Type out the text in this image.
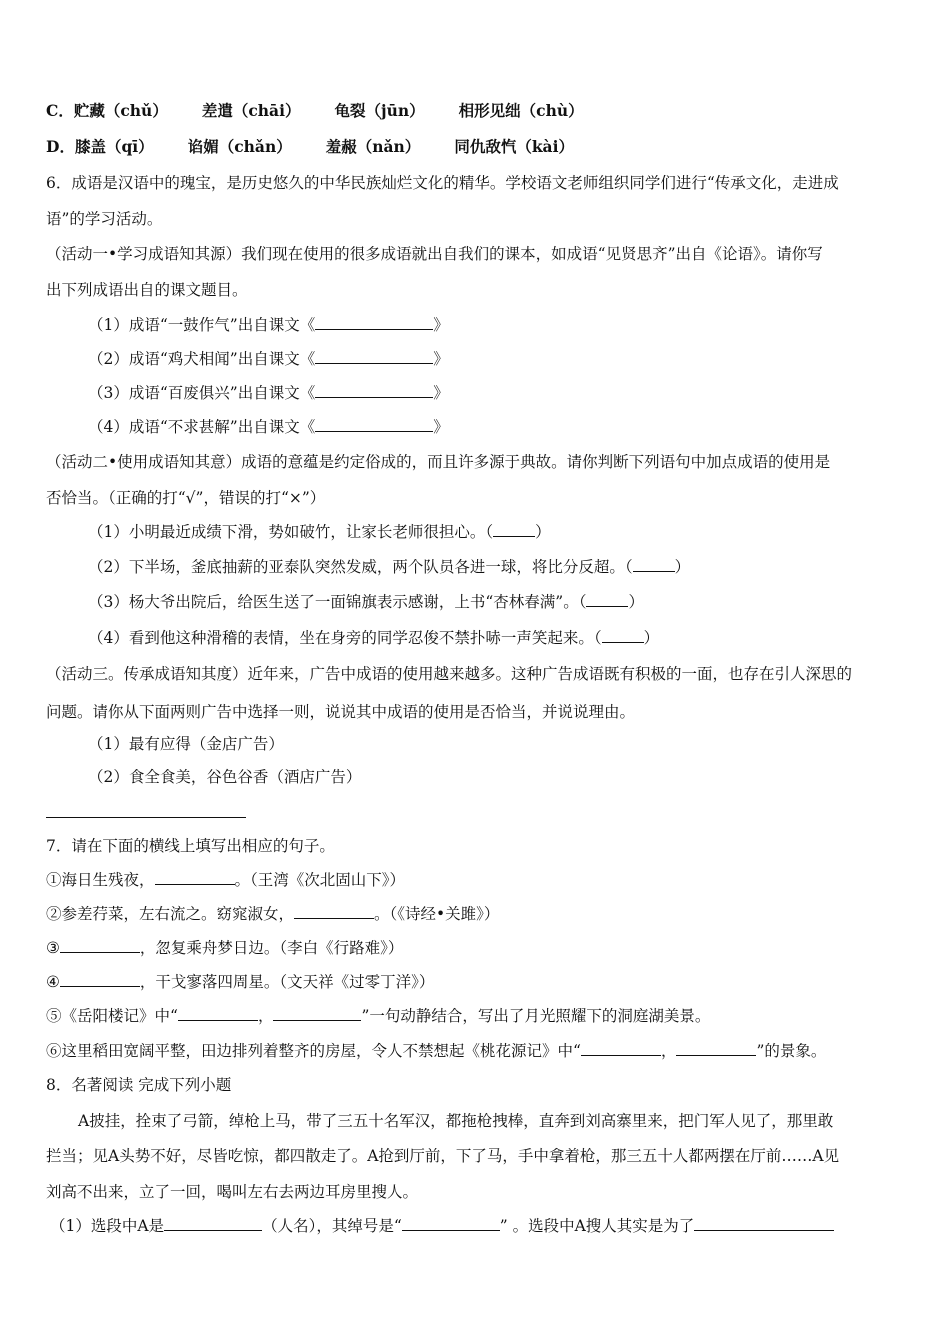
C．贮藏（chǔ） 差遣（chāi） 龟裂（jūn） 相形见绌（chù）
D．膝盖（qī） 谄媚（chǎn） 羞赧（nǎn） 同仇敌忾（kài）
6．成语是汉语中的瑰宝，是历史悠久的中华民族灿烂文化的精华。学校语文老师组织同学们进行“传承文化，走进成
语”的学习活动。
（活动一•学习成语知其源）我们现在使用的很多成语就出自我们的课本，如成语“见贤思齐”出自《论语》。请你写
出下列成语出自的课文题目。
（1）成语“一鼓作气”出自课文《	》
（2）成语“鸡犬相闻”出自课文《	》
（3）成语“百废俱兴”出自课文《	》
（4）成语“不求甚解”出自课文《	》
（活动二•使用成语知其意）成语的意蕴是约定俗成的，而且许多源于典故。请你判断下列语句中加点成语的使用是
否恰当。（正确的打“√”，错误的打“×”）
（1）小明最近成绩下滑，势如破竹，让家长老师很担心。（	）
（2）下半场，釜底抽薪的亚泰队突然发威，两个队员各进一球，将比分反超。（	）
（3）杨大爷出院后，给医生送了一面锦旗表示感谢，上书“杏林春满”。（	）
（4）看到他这种滑稽的表情，坐在身旁的同学忍俊不禁扑哧一声笑起来。（	）
（活动三。传承成语知其度）近年来，广告中成语的使用越来越多。这种广告成语既有积极的一面，也存在引人深思的
问题。请你从下面两则广告中选择一则，说说其中成语的使用是否恰当，并说说理由。
（1）最有应得（金店广告）
（2）食全食美，谷色谷香（酒店广告）
7．请在下面的横线上填写出相应的句子。
①海日生残夜，	。（王湾《次北固山下》）
②参差荇菜，左右流之。窈窕淑女，	。（《诗经•关雎》）
③	，忽复乘舟梦日边。（李白《行路难》）
④	，干戈寥落四周星。（文天祥《过零丁洋》）
⑤《岳阳楼记》中“	，	”一句动静结合，写出了月光照耀下的洞庭湖美景。
⑥这里稻田宽阔平整，田边排列着整齐的房屋，令人不禁想起《桃花源记》中“	，	”的景象。
8．名著阅读 完成下列小题
A披挂，拴束了弓箭，绰枪上马，带了三五十名军汉，都拖枪拽棒，直奔到刘高寨里来，把门军人见了，那里敢
拦当；见A头势不好，尽皆吃惊，都四散走了。A抢到厅前，下了马，手中拿着枪，那三五十人都两摆在厅前……A见
刘高不出来，立了一回，喝叫左右去两边耳房里搜人。
（1）选段中A是	（人名），其绰号是“	” 。选段中A搜人其实是为了
